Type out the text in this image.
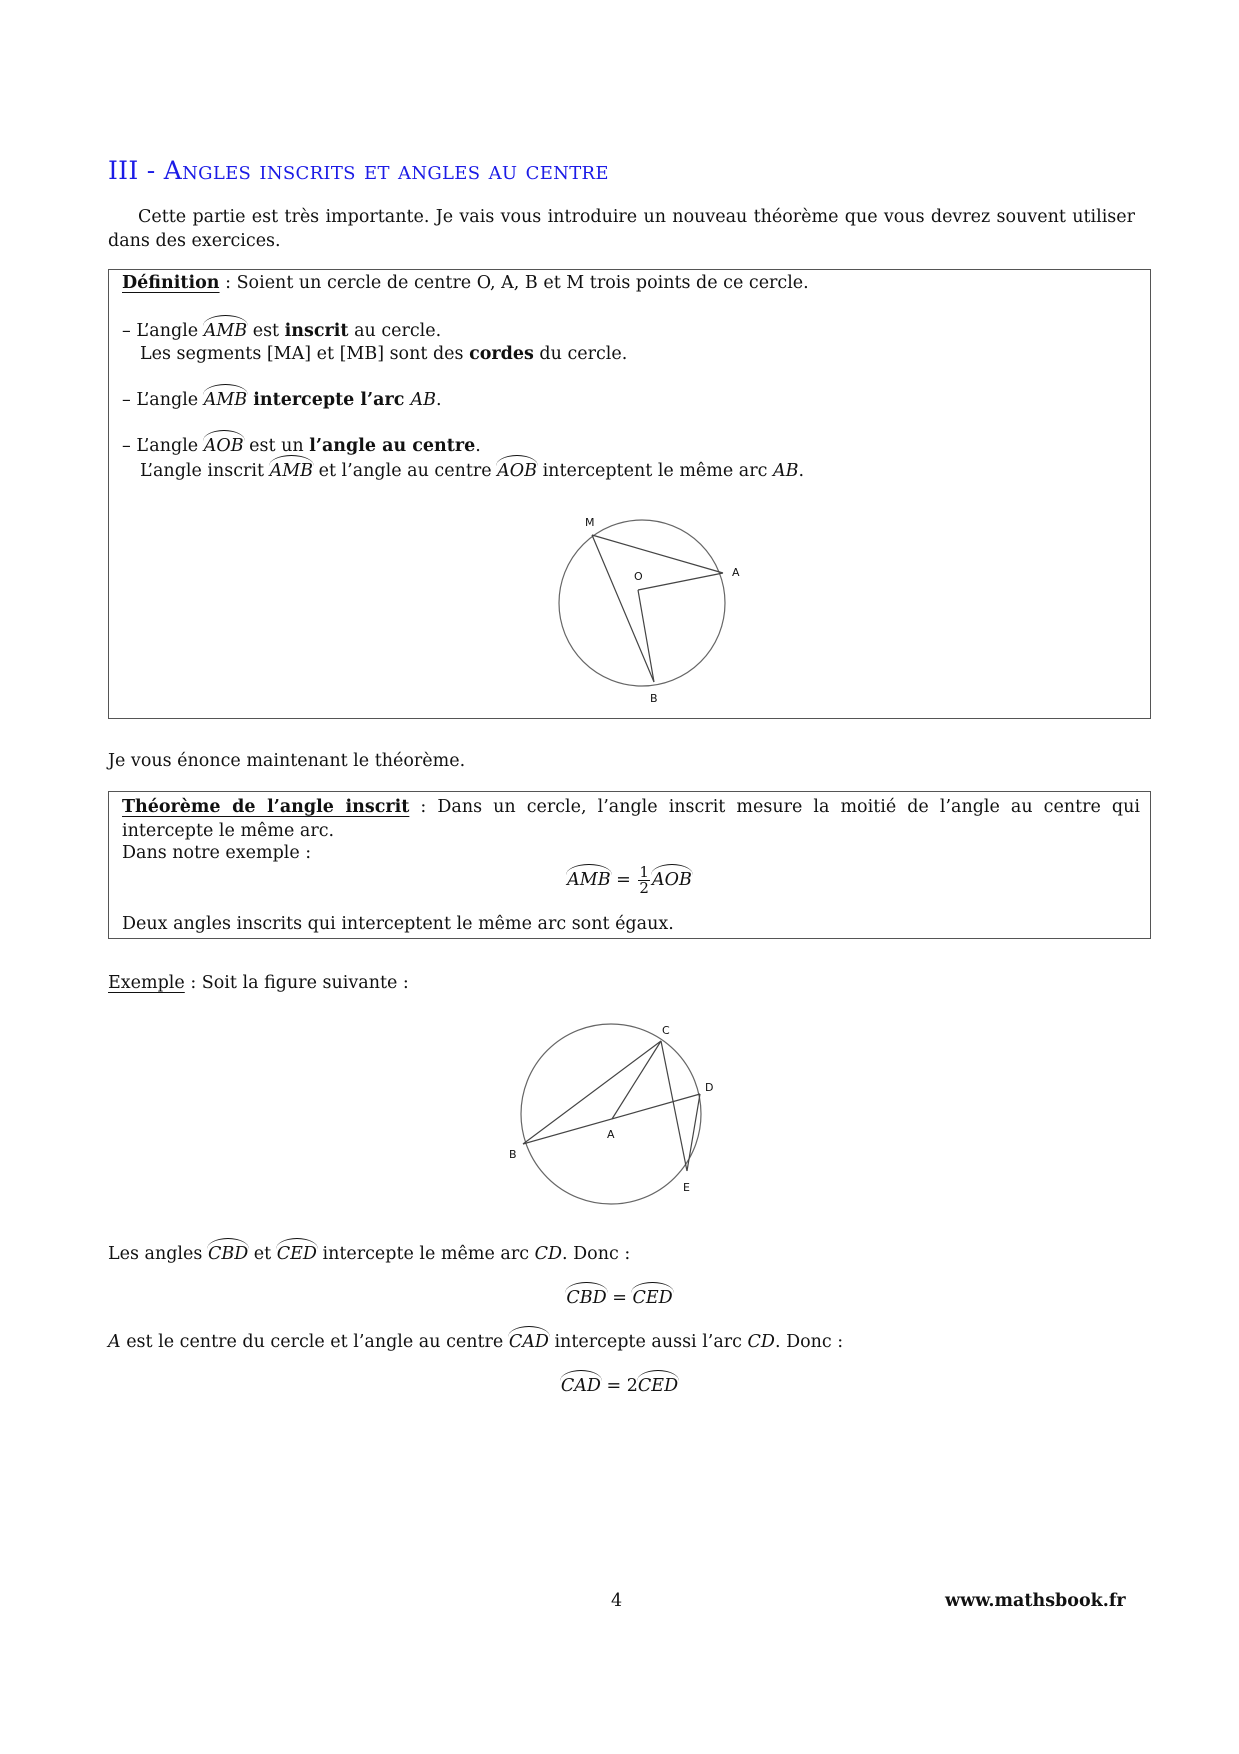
III - Angles inscrits et angles au centre
Cette partie est très importante. Je vais vous introduire un nouveau théorème que vous devrez souvent utiliser dans des exercices.
Définition : Soient un cercle de centre O, A, B et M trois points de ce cercle.
– L’angle AMB est inscrit au cercle.
Les segments [MA] et [MB] sont des cordes du cercle.
– L’angle AMB intercepte l’arc AB.
– L’angle AOB est un l’angle au centre.
L’angle inscrit AMB et l’angle au centre AOB interceptent le même arc AB.
M
O	A
B
Je vous énonce maintenant le théorème.
Théorème de l’angle inscrit : Dans un cercle, l’angle inscrit mesure la moitié de l’angle au centre qui intercepte le même arc.
Dans notre exemple :
AMB = $\frac{1}{2}$ AOB
Deux angles inscrits qui interceptent le même arc sont égaux.
Exemple : Soit la figure suivante :
C
D
A
B
E
Les angles CBD et CED intercepte le même arc CD. Donc :
CBD = CED
A est le centre du cercle et l’angle au centre CAD intercepte aussi l’arc CD. Donc :
CAD = 2CED
4	www.mathsbook.fr
